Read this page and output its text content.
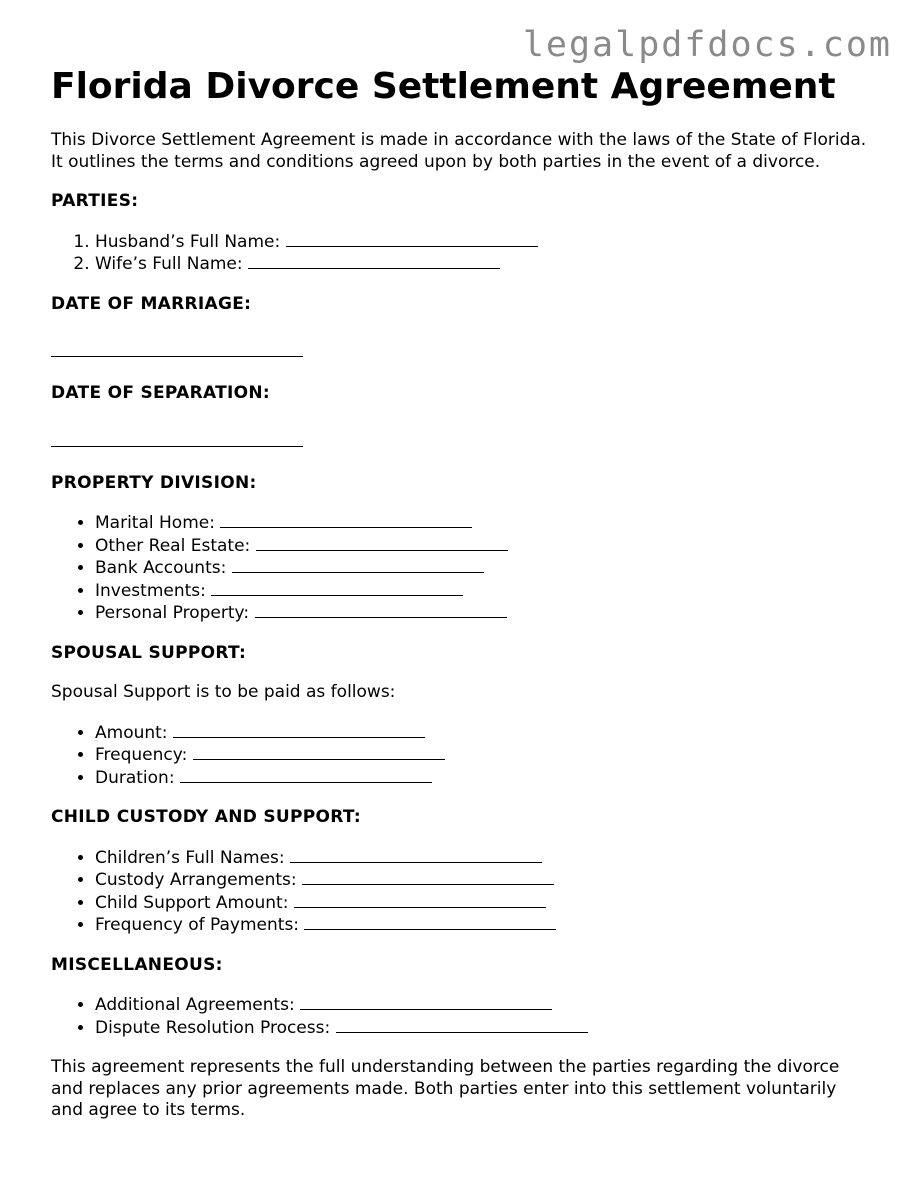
legalpdfdocs.com
Florida Divorce Settlement Agreement

This Divorce Settlement Agreement is made in accordance with the laws of the State of Florida. It outlines the terms and conditions agreed upon by both parties in the event of a divorce.

PARTIES:
1. Husband’s Full Name:
2. Wife’s Full Name:
DATE OF MARRIAGE:
DATE OF SEPARATION:
PROPERTY DIVISION:
• Marital Home:
• Other Real Estate:
• Bank Accounts:
• Investments:
• Personal Property:
SPOUSAL SUPPORT:

Spousal Support is to be paid as follows:

• Amount:
• Frequency:
• Duration:
CHILD CUSTODY AND SUPPORT:
• Children’s Full Names:
• Custody Arrangements:
• Child Support Amount:
• Frequency of Payments:
MISCELLANEOUS:
• Additional Agreements:
• Dispute Resolution Process:

This agreement represents the full understanding between the parties regarding the divorce and replaces any prior agreements made. Both parties enter into this settlement voluntarily and agree to its terms.
